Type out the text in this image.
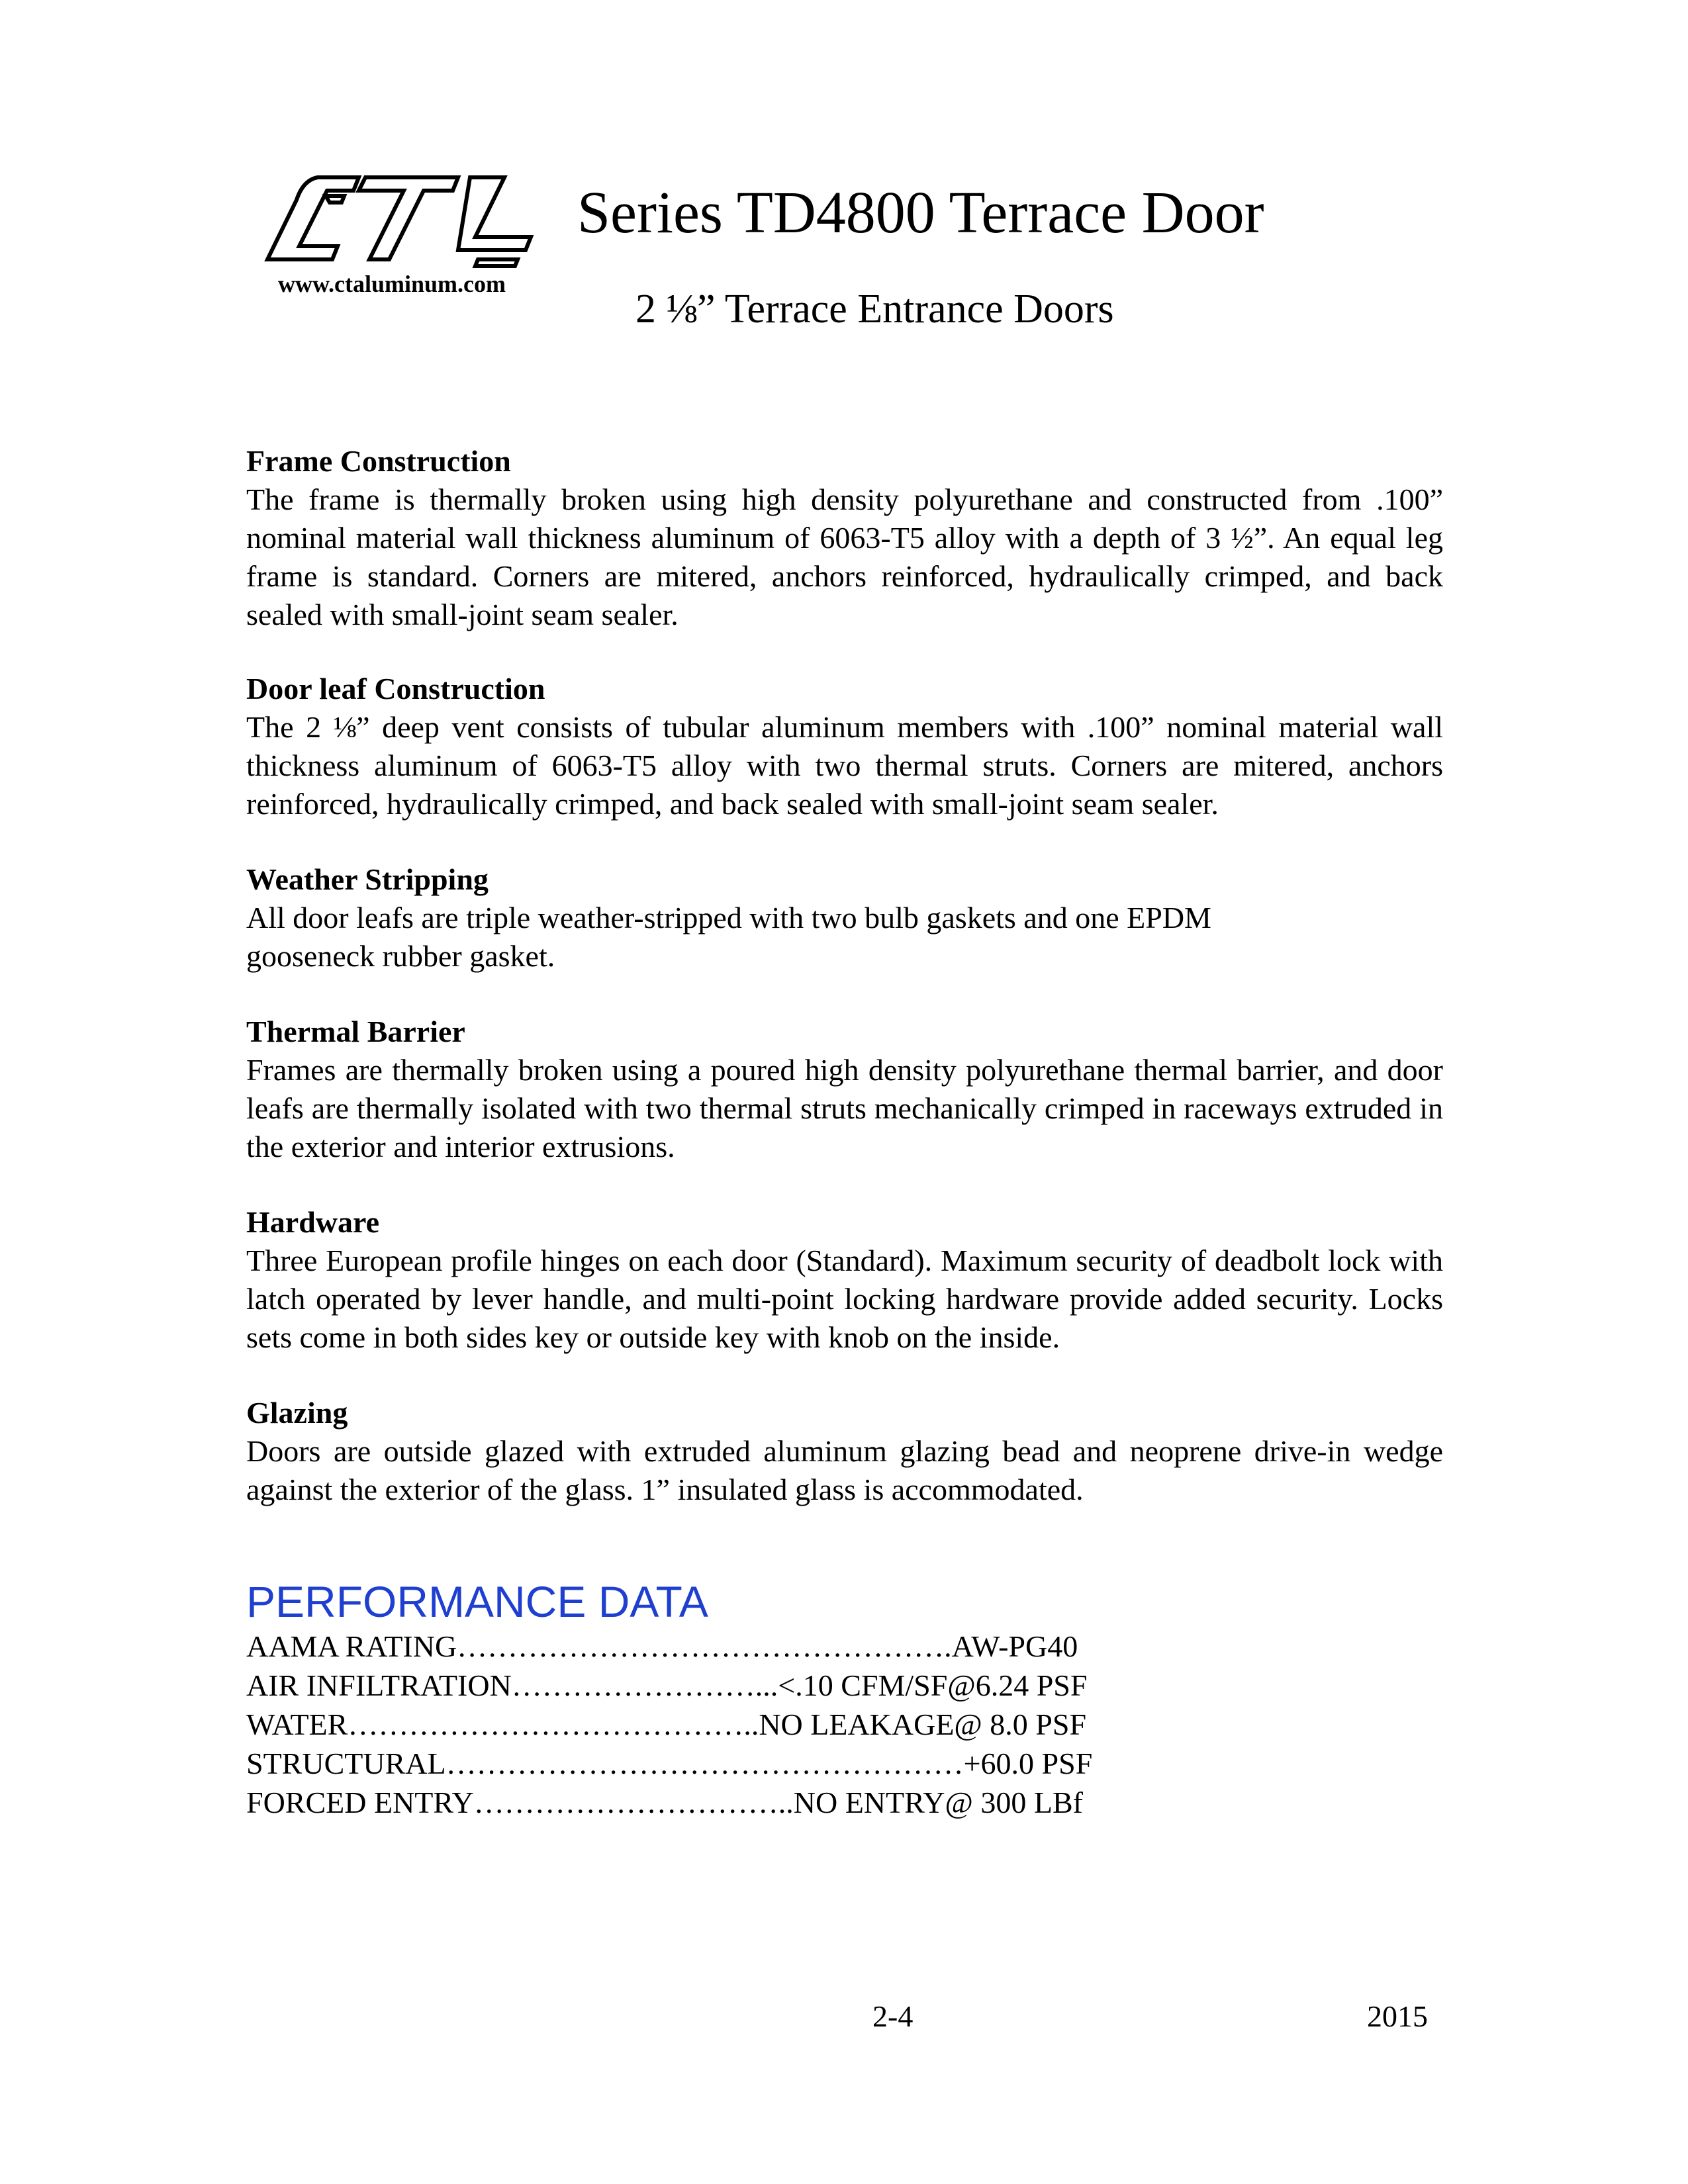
www.ctaluminum.com
Series TD4800 Terrace Door
2 ⅛” Terrace Entrance Doors
Frame Construction

The frame is thermally broken using high density polyurethane and constructed from .100” nominal material wall thickness aluminum of 6063-T5 alloy with a depth of 3 ½”. An equal leg frame is standard. Corners are mitered, anchors reinforced, hydraulically crimped, and back sealed with small-joint seam sealer.

Door leaf Construction

The 2 ⅛” deep vent consists of tubular aluminum members with .100” nominal material wall thickness aluminum of 6063-T5 alloy with two thermal struts. Corners are mitered, anchors reinforced, hydraulically crimped, and back sealed with small-joint seam sealer.

Weather Stripping

All door leafs are triple weather-stripped with two bulb gaskets and one EPDM
gooseneck rubber gasket.

Thermal Barrier

Frames are thermally broken using a poured high density polyurethane thermal barrier, and door leafs are thermally isolated with two thermal struts mechanically crimped in raceways extruded in the exterior and interior extrusions.

Hardware

Three European profile hinges on each door (Standard). Maximum security of deadbolt lock with latch operated by lever handle, and multi-point locking hardware provide added security. Locks sets come in both sides key or outside key with knob on the inside.

Glazing

Doors are outside glazed with extruded aluminum glazing bead and neoprene drive-in wedge against the exterior of the glass. 1” insulated glass is accommodated.

PERFORMANCE DATA
AAMA RATING………………………………………….AW-PG40
AIR INFILTRATION……………………...<.10 CFM/SF@6.24 PSF
WATER…………………………………..NO LEAKAGE@ 8.0 PSF
STRUCTURAL……………………………………………+60.0 PSF
FORCED ENTRY…………………………..NO ENTRY@ 300 LBf
2-4	2015
